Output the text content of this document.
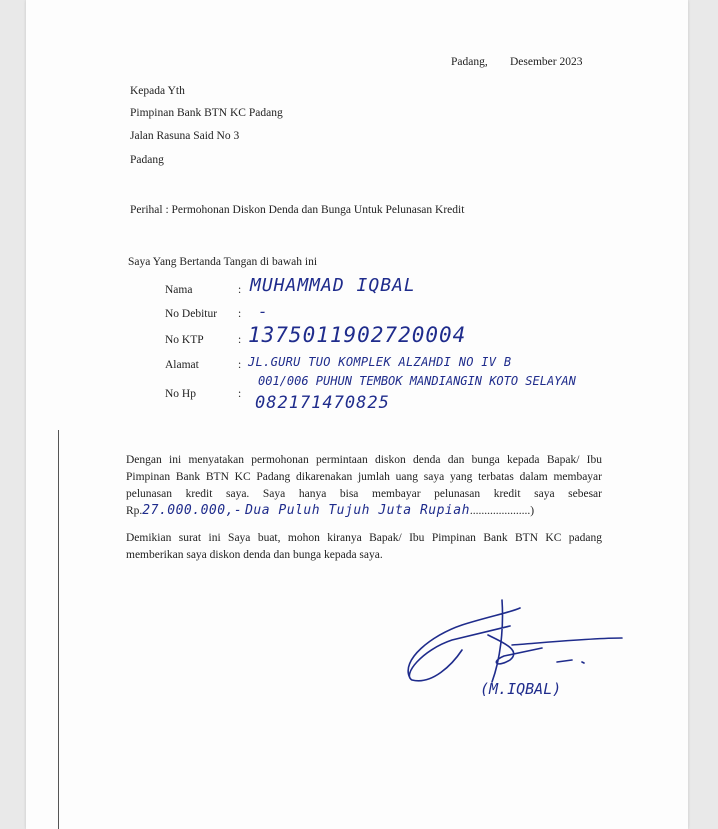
Padang, Desember 2023
Kepada Yth
Pimpinan Bank BTN KC Padang
Jalan Rasuna Said No 3
Padang
Perihal : Permohonan Diskon Denda dan Bunga Untuk Pelunasan Kredit
Saya Yang Bertanda Tangan di bawah ini
Nama	: MUHAMMAD IQBAL
No Debitur : -
No KTP	: 1375011902720004
Alamat	: JL.GURU TUO KOMPLEK ALZAHDI NO IV B
001/006 PUHUN TEMBOK MANDIANGIN KOTO SELAYAN
No Hp	: 082171470825
Dengan ini menyatakan permohonan permintaan diskon denda dan bunga kepada Bapak/ Ibu
Pimpinan Bank BTN KC Padang dikarenakan jumlah uang saya yang terbatas dalam membayar
pelunasan kredit saya. Saya hanya bisa membayar pelunasan kredit saya sebesar
Rp.27.000.000,- Dua Puluh Tujuh Juta Rupiah.....................)
Demikian surat ini Saya buat, mohon kiranya Bapak/ Ibu Pimpinan Bank BTN KC padang
memberikan saya diskon denda dan bunga kepada saya.
(M.IQBAL)
